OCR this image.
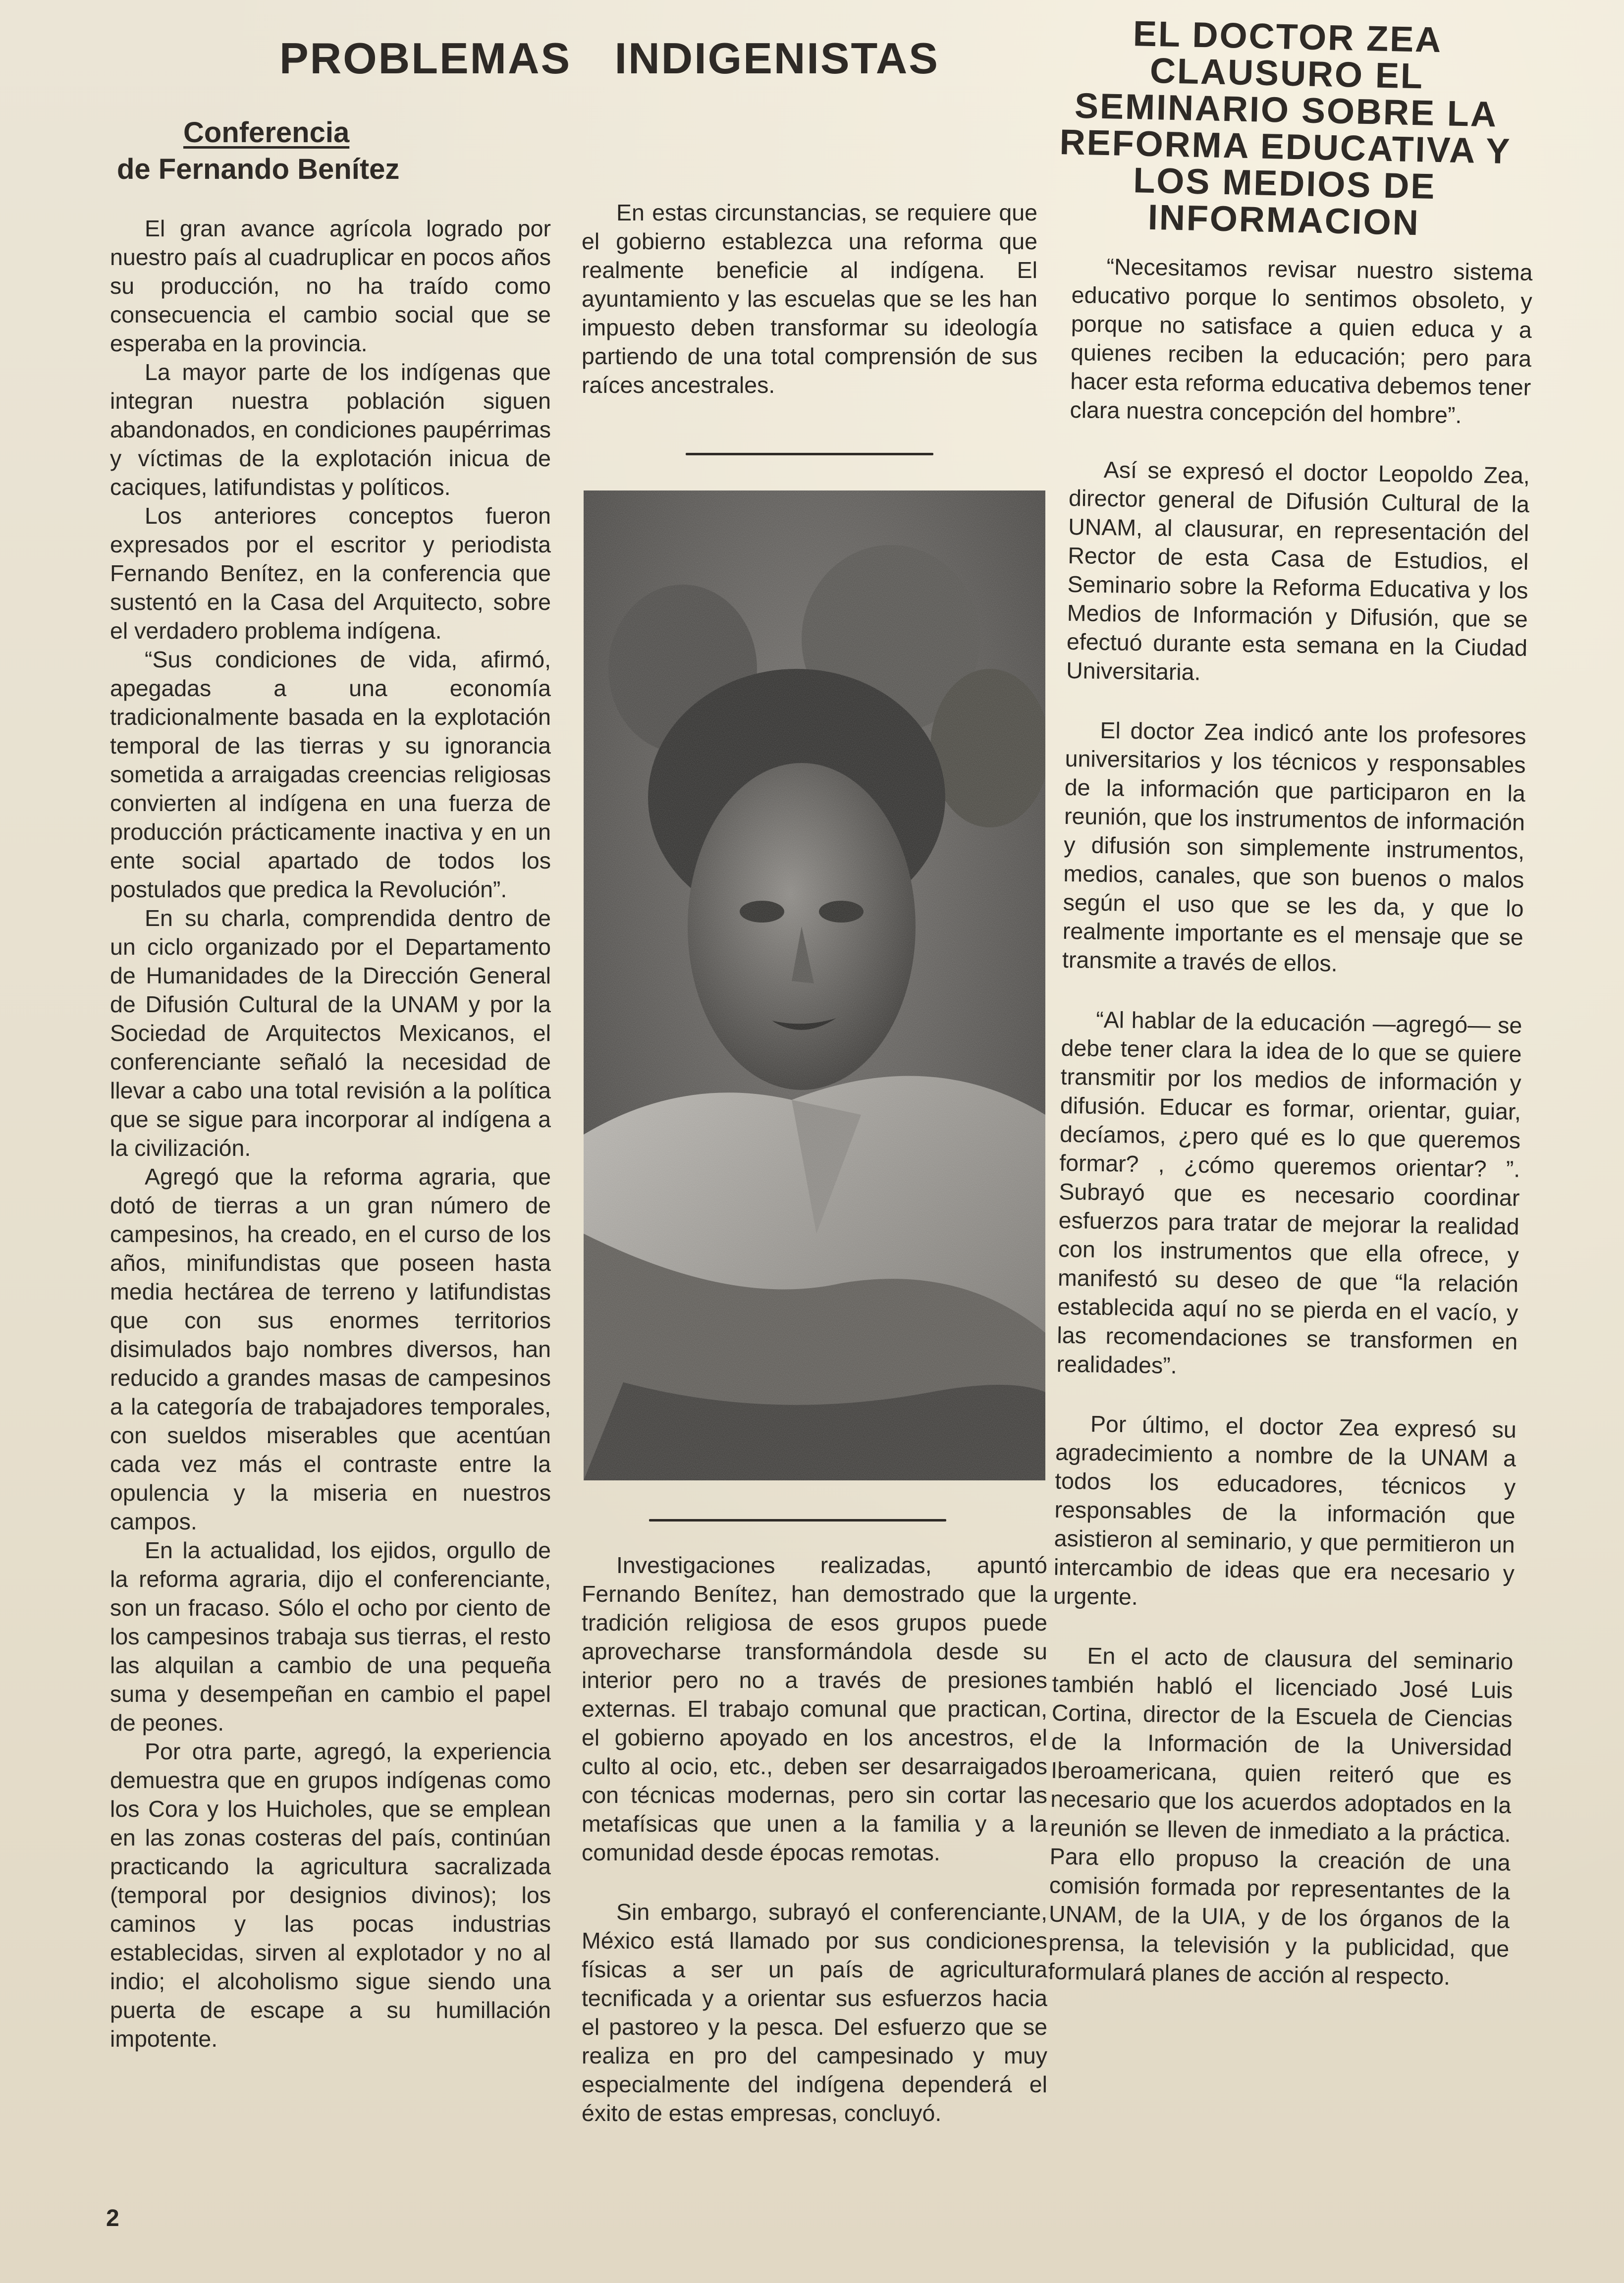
PROBLEMAS INDIGENISTAS	EL DOCTOR ZEA CLAUSURO EL SEMINARIO SOBRE LA REFORMA EDUCATIVA Y LOS MEDIOS DE INFORMACION
Conferencia
de Fernando Benítez

El gran avance agrícola logrado por nuestro país al cuadruplicar en pocos años su producción, no ha traído como consecuencia el cambio social que se esperaba en la provincia.

La mayor parte de los indígenas que integran nuestra población siguen abandonados, en condiciones paupérrimas y víctimas de la explotación inicua de caciques, latifundistas y políticos.

Los anteriores conceptos fueron expresados por el escritor y periodista Fernando Benítez, en la conferencia que sustentó en la Casa del Arquitecto, sobre el verdadero problema indígena.

“Sus condiciones de vida, afirmó, apegadas a una economía tradicionalmente basada en la explotación temporal de las tierras y su ignorancia sometida a arraigadas creencias religiosas convierten al indígena en una fuerza de producción prácticamente inactiva y en un ente social apartado de todos los postulados que predica la Revolución”.

En su charla, comprendida dentro de un ciclo organizado por el Departamento de Humanidades de la Dirección General de Difusión Cultural de la UNAM y por la Sociedad de Arquitectos Mexicanos, el conferenciante señaló la necesidad de llevar a cabo una total revisión a la política que se sigue para incorporar al indígena a la civilización.

Agregó que la reforma agraria, que dotó de tierras a un gran número de campesinos, ha creado, en el curso de los años, minifundistas que poseen hasta media hectárea de terreno y latifundistas que con sus enormes territorios disimulados bajo nombres diversos, han reducido a grandes masas de campesinos a la categoría de trabajadores temporales, con sueldos miserables que acentúan cada vez más el contraste entre la opulencia y la miseria en nuestros campos.

En la actualidad, los ejidos, orgullo de la reforma agraria, dijo el conferenciante, son un fracaso. Sólo el ocho por ciento de los campesinos trabaja sus tierras, el resto las alquilan a cambio de una pequeña suma y desempeñan en cambio el papel de peones.

Por otra parte, agregó, la experiencia demuestra que en grupos indígenas como los Cora y los Huicholes, que se emplean en las zonas costeras del país, continúan practicando la agricultura sacralizada (temporal por designios divinos); los caminos y las pocas industrias establecidas, sirven al explotador y no al indio; el alcoholismo sigue siendo una puerta de escape a su humillación impotente.

En estas circunstancias, se requiere que el gobierno establezca una reforma que realmente beneficie al indígena. El ayuntamiento y las escuelas que se les han impuesto deben transformar su ideología partiendo de una total comprensión de sus raíces ancestrales.

Investigaciones realizadas, apuntó Fernando Benítez, han demostrado que la tradición religiosa de esos grupos puede aprovecharse transformándola desde su interior pero no a través de presiones externas. El trabajo comunal que practican, el gobierno apoyado en los ancestros, el culto al ocio, etc., deben ser desarraigados con técnicas modernas, pero sin cortar las metafísicas que unen a la familia y a la comunidad desde épocas remotas.

Sin embargo, subrayó el conferenciante, México está llamado por sus condiciones físicas a ser un país de agricultura tecnificada y a orientar sus esfuerzos hacia el pastoreo y la pesca. Del esfuerzo que se realiza en pro del campesinado y muy especialmente del indígena dependerá el éxito de estas empresas, concluyó.

“Necesitamos revisar nuestro sistema educativo porque lo sentimos obsoleto, y porque no satisface a quien educa y a quienes reciben la educación; pero para hacer esta reforma educativa debemos tener clara nuestra concepción del hombre”.

Así se expresó el doctor Leopoldo Zea, director general de Difusión Cultural de la UNAM, al clausurar, en representación del Rector de esta Casa de Estudios, el Seminario sobre la Reforma Educativa y los Medios de Información y Difusión, que se efectuó durante esta semana en la Ciudad Universitaria.

El doctor Zea indicó ante los profesores universitarios y los técnicos y responsables de la información que participaron en la reunión, que los instrumentos de información y difusión son simplemente instrumentos, medios, canales, que son buenos o malos según el uso que se les da, y que lo realmente importante es el mensaje que se transmite a través de ellos.

“Al hablar de la educación —agregó— se debe tener clara la idea de lo que se quiere transmitir por los medios de información y difusión. Educar es formar, orientar, guiar, decíamos, ¿pero qué es lo que queremos formar? , ¿cómo queremos orientar? ”. Subrayó que es necesario coordinar esfuerzos para tratar de mejorar la realidad con los instrumentos que ella ofrece, y manifestó su deseo de que “la relación establecida aquí no se pierda en el vacío, y las recomendaciones se transformen en realidades”.

Por último, el doctor Zea expresó su agradecimiento a nombre de la UNAM a todos los educadores, técnicos y responsables de la información que asistieron al seminario, y que permitieron un intercambio de ideas que era necesario y urgente.

En el acto de clausura del seminario también habló el licenciado José Luis Cortina, director de la Escuela de Ciencias de la Información de la Universidad Iberoamericana, quien reiteró que es necesario que los acuerdos adoptados en la reunión se lleven de inmediato a la práctica. Para ello propuso la creación de una comisión formada por representantes de la UNAM, de la UIA, y de los órganos de la prensa, la televisión y la publicidad, que formulará planes de acción al respecto.

2
